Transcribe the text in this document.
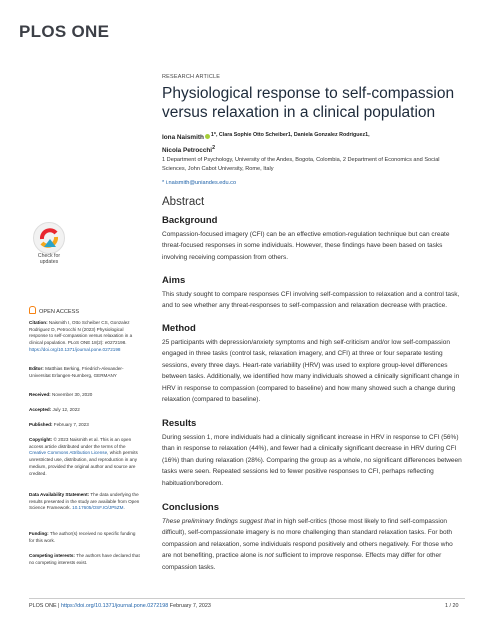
PLOS ONE
RESEARCH ARTICLE
Physiological response to self-compassion versus relaxation in a clinical population
Iona Naismith $^{1*, Clara Sophie Otto Scheiber1, Daniela Gonzalez Rodriguez1,}$
Nicola Petrocchi$^2$
1 Department of Psychology, University of the Andes, Bogota, Colombia, 2 Department of Economics and Social Sciences, John Cabot University, Rome, Italy
* i.naismith@uniandes.edu.co
Abstract
Background

Compassion-focused imagery (CFI) can be an effective emotion-regulation technique but can create threat-focused responses in some individuals. However, these findings have been based on tasks involving receiving compassion from others.

Aims

This study sought to compare responses CFI involving self-compassion to relaxation and a control task, and to see whether any threat-responses to self-compassion and relaxation decrease with practice.

Method

25 participants with depression/anxiety symptoms and high self-criticism and/or low self-compassion engaged in three tasks (control task, relaxation imagery, and CFI) at three or four separate testing sessions, every three days. Heart-rate variability (HRV) was used to explore group-level differences between tasks. Additionally, we identified how many individuals showed a clinically significant change in HRV in response to compassion (compared to baseline) and how many showed such a change during relaxation (compared to baseline).

Results

During session 1, more individuals had a clinically significant increase in HRV in response to CFI (56%) than in response to relaxation (44%), and fewer had a clinically significant decrease in HRV during CFI (16%) than during relaxation (28%). Comparing the group as a whole, no significant differences between tasks were seen. Repeated sessions led to fewer positive responses to CFI, perhaps reflecting habituation/boredom.

Conclusions

These preliminary findings suggest that in high self-critics (those most likely to find self-compassion difficult), self-compassionate imagery is no more challenging than standard relaxation tasks. For both compassion and relaxation, some individuals respond positively and others negatively. For those who are not benefiting, practice alone is not sufficient to improve response. Effects may differ for other compassion tasks.

Check for
updates
OPEN ACCESS
Citation: Naismith I, Otto Scheiber CS, Gonzalez Rodriguez D, Petrocchi N (2023) Physiological response to self-compassion versus relaxation in a clinical population. PLoS ONE 18(2): e0272198. https://doi.org/10.1371/journal.pone.0272198
Editor: Matthias Berking, Friedrich-Alexander-Universitat Erlangen-Nurnberg, GERMANY
Received: November 30, 2020
Accepted: July 12, 2022
Published: February 7, 2023
Copyright: © 2023 Naismith et al. This is an open access article distributed under the terms of the Creative Commons Attribution License, which permits unrestricted use, distribution, and reproduction in any medium, provided the original author and source are credited.
Data Availability Statement: The data underlying the results presented in the study are available from Open Science Framework. 10.17605/OSF.IO/JP5ZM.
Funding: The author(s) received no specific funding for this work.
Competing interests: The authors have declared that no competing interests exist.
PLOS ONE | https://doi.org/10.1371/journal.pone.0272198 February 7, 2023	1 / 20
